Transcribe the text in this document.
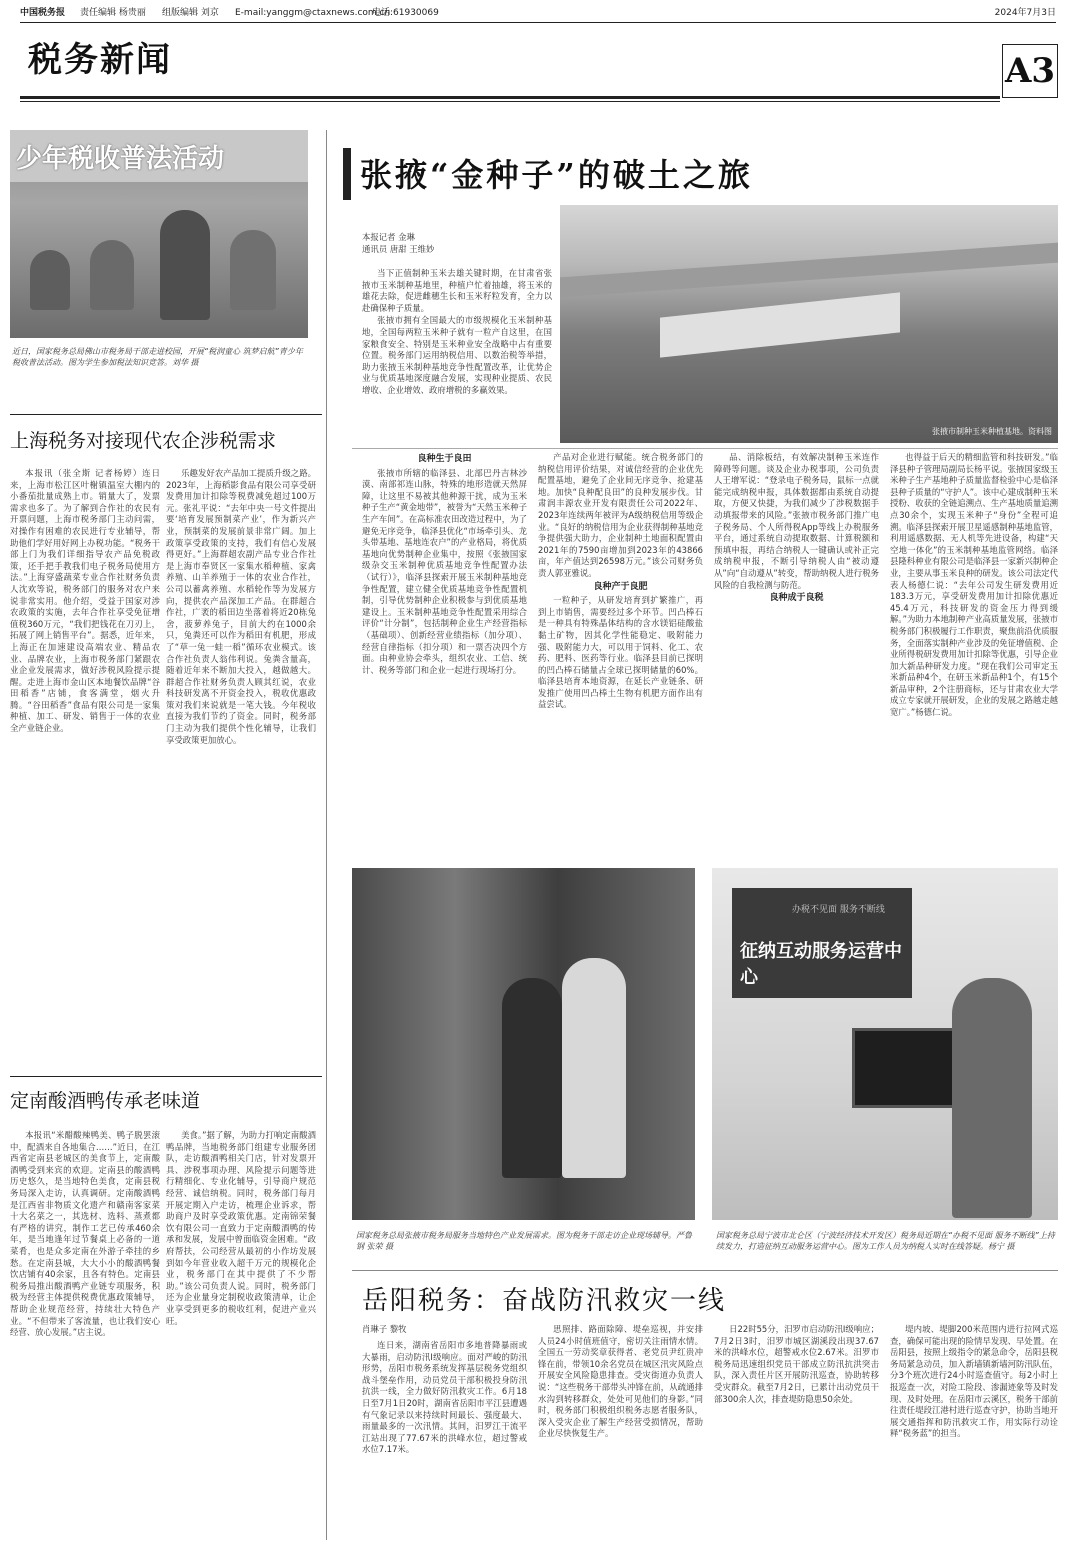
中国税务报 责任编辑 杨贵丽 组版编辑 刘京 E-mail:yanggm@ctaxnews.com.cn
电话:61930069	2024年7月3日
税务新闻	A3
少年税收普法活动
近日，国家税务总局佛山市税务局干部走进校园，开展“税润童心 筑梦启航”青少年税收普法活动。图为学生参加税法知识竞答。刘华 摄
张掖“金种子”的破土之旅
本报记者 金琳
通讯员 唐甜 王维妙
张掖市制种玉米种植基地。资料图

当下正值制种玉米去雄关键时期，在甘肃省张掖市玉米制种基地里，种植户忙着抽雄，将玉米的雄花去除，促进雌穗生长和玉米籽粒发育，全力以赴确保种子质量。

张掖市拥有全国最大的市级规模化玉米制种基地，全国每两粒玉米种子就有一粒产自这里，在国家粮食安全、特别是玉米种业安全战略中占有重要位置。税务部门运用纳税信用、以数治税等举措，助力张掖玉米制种基地竞争性配置改革，让优势企业与优质基地深度融合发展，实现种业提质、农民增收、企业增效、政府增税的多赢效果。

良种生于良田

张掖市所辖的临泽县、北部巴丹吉林沙漠、南部祁连山脉，特殊的地形造就天然屏障，让这里不易被其他种源干扰，成为玉米种子生产“黄金地带”，被誉为“天然玉米种子生产车间”。在高标准农田改造过程中，为了避免无序竞争，临泽县优化“市场牵引头、龙头带基地、基地连农户”的产业格局，将优质基地向优势制种企业集中，按照《张掖国家级杂交玉米制种优质基地竞争性配置办法（试行）》，临泽县探索开展玉米制种基地竞争性配置，建立健全优质基地竞争性配置机制，引导优势制种企业积极参与到优质基地建设上。玉米制种基地竞争性配置采用综合评价“计分制”，包括制种企业生产经营指标（基础项）、创新经营业绩指标（加分项）、经营自律指标（扣分项）和一票否决四个方面。由种业协会牵头，组织农业、工信、统计、税务等部门和企业一起进行现场打分。

产品对企业进行赋能。统合税务部门的纳税信用评价结果，对诚信经营的企业优先配置基地，避免了企业间无序竞争、抢建基地。加快“良种配良田”的良种发展步伐。甘肃润丰源农业开发有限责任公司2022年、2023年连续两年被评为A级纳税信用等级企业。“良好的纳税信用为企业获得制种基地竞争提供强大助力，企业制种土地面积配置由2021年的7590亩增加到2023年的43866亩，年产值达到26598万元。”该公司财务负责人郭亚雅说。

良种产于良肥

一粒种子，从研发培育到扩繁推广，再到上市销售，需要经过多个环节。凹凸棒石是一种具有特殊晶体结构的含水镁铝硅酸盐黏土矿物，因其化学性能稳定、吸附能力强、吸附能力大，可以用于饲料、化工、农药、肥料、医药等行业。临泽县目前已探明的凹凸棒石储量占全球已探明储量的60%。临泽县培育本地资源，在延长产业链条、研发推广使用凹凸棒土生物有机肥方面作出有益尝试。

品、消除板结，有效解决制种玉米连作障碍等问题。谈及企业办税事项，公司负责人王增军说：“登录电子税务局，鼠标一点就能完成纳税申报，具体数据都由系统自动提取，方便又快捷，为我们减少了涉税数据手动填报带来的风险。”张掖市税务部门推广电子税务局、个人所得税App等线上办税服务平台，通过系统自动提取数据、计算税额和预填申报，再结合纳税人一键确认或补正完成纳税申报，不断引导纳税人由“被动遵从”向“自动遵从”转变，帮助纳税人进行税务风险的自我检测与防范。

良种成于良税

也得益于后天的精细监管和科技研发。”临泽县种子管理局副局长杨平说。张掖国家级玉米种子生产基地种子质量监督检验中心是临泽县种子质量的“守护人”。该中心建成制种玉米授粉、收获的全链追溯点、生产基地质量追溯点30余个，实现玉米种子“身份”全程可追溯。临泽县探索开展卫星遥感制种基地监管，利用遥感数据、无人机等先进设备，构建“天空地一体化”的玉米制种基地监管网络。临泽县隆科种业有限公司是临泽县一家新兴制种企业，主要从事玉米良种的研发。该公司法定代表人杨德仁说：“去年公司发生研发费用近183.3万元，享受研发费用加计扣除优惠近45.4万元，科技研发的资金压力得到缓解。”为助力本地制种产业高质量发展，张掖市税务部门积极履行工作职责，聚焦前沿优质服务，全面落实制种产业涉及的免征增值税、企业所得税研发费用加计扣除等优惠，引导企业加大新品种研发力度。“现在我们公司审定玉米新品种4个，在研玉米新品种1个，有15个新品审种，2个注册商标，还与甘肃农业大学成立专家就开展研发，企业的发展之路越走越宽广。”杨德仁说。

上海税务对接现代农企涉税需求

本报讯（张全斯 记者杨婷）连日来，上海市松江区叶榭镇温室大棚内的小番茄批量成熟上市。销量大了，发票需求也多了。为了解到合作社的农民有开票问题，上海市税务部门主动问需，对操作有困难的农民进行专业辅导，帮助他们学好用好网上办税功能。“税务干部上门为我们详细指导农产品免税政策，还手把手教我们电子税务局使用方法。”上海穿盛蔬菜专业合作社财务负责人沈欢等说，税务部门的服务对农户来说非常实用。他介绍，受益于国家对涉农政策的实施，去年合作社享受免征增值税360万元，“我们把钱花在刀刃上，拓展了网上销售平台”。据悉，近年来，上海正在加速建设高端农业、精品农业、品牌农业，上海市税务部门紧跟农业企业发展需求，做好涉税风险提示提醒。走进上海市金山区本地餐饮品牌“谷田稻香”店铺，食客满堂，烟火升腾。“谷田稻香”食品有限公司是一家集种植、加工、研发、销售于一体的农业全产业链企业。

乐趣发好农产品加工提质升级之路。2023年，上海稻影食品有限公司享受研发费用加计扣除等税费减免超过100万元。张礼平说：“去年中央一号文件提出要‘培育发展预制菜产业’，作为新兴产业，预制菜的发展前景非常广阔。加上政策享受政策的支持，我们有信心发展得更好。”上海群超农副产品专业合作社是上海市奉贤区一家集水稻种植、家禽养殖、山羊养殖于一体的农业合作社，公司以蓄禽养殖、水稻轮作等为发展方向，提供农产品深加工产品。在群超合作社，广袤的稻田边坐落着将近20栋兔舍，菠萝养兔子，目前大约在1000余只，兔粪还可以作为稻田有机肥，形成了“草一兔一蛙一稻”循环农业模式。该合作社负责人翁伟利说。兔粪含量高，随着近年来不断加大投入，越做越大。群超合作社财务负责人顾其红说，农业科技研发离不开资金投入，税收优惠政策对我们来说就是一笔大钱。今年税收直接为我们节约了资金。同时，税务部门主动为我们提供个性化辅导，让我们享受政策更加放心。

定南酸酒鸭传承老味道

本报讯“米醋酸辣鸭美、鸭子脱罢滚中，配酒来自各地集合……”近日，在江西省定南县老城区的美食节上，定南酸酒鸭受到来宾的欢迎。定南县的酸酒鸭历史悠久，是当地特色美食，定南县税务局深入走访，认真调研。定南酸酒鸭是江西省非物质文化遗产和赣南客家菜十大名菜之一，其选材、选料、蒸煮都有严格的讲究，制作工艺已传承460余年，是当地逢年过节餐桌上必备的一道菜肴，也是众多定南在外游子牵挂的乡愁。在定南县城，大大小小的酸酒鸭餐饮店铺有40余家，且各有特色。定南县税务局推出酸酒鸭产业链专项服务，积极为经营主体提供税费优惠政策辅导，帮助企业规范经营，持续壮大特色产业。“不但带来了客流量，也让我们安心经营、放心发展。”店主说。

美食。”据了解，为助力打响定南酸酒鸭品牌，当地税务部门组建专业服务团队，走访酸酒鸭相关门店，针对发票开具、涉税事项办理、风险提示问题等进行精细化、专业化辅导，引导商户规范经营、诚信纳税。同时，税务部门每月开展定期入户走访，梳理企业诉求，帮助商户及时享受政策优惠。定南锦荣餐饮有限公司一直致力于定南酸酒鸭的传承和发展，发展中曾面临资金困难。“政府帮扶，公司经营从最初的小作坊发展到如今年营业收入超千万元的规模化企业，税务部门在其中提供了不少帮助。”该公司负责人说。同时，税务部门还为企业量身定制税收政策清单，让企业享受到更多的税收红利，促进产业兴旺。

国家税务总局张掖市税务局服务当地特色产业发展需求。图为税务干部走访企业现场辅导。严鲁钢 张荣 摄
办税不见面 服务不断线
征纳互动服务运营中心
国家税务总局宁波市北仑区（宁波经济技术开发区）税务局近期在“办税不见面 服务不断线”上持续发力，打造征纳互动服务运营中心。图为工作人员为纳税人实时在线答疑。杨宁 摄
岳阳税务：奋战防汛救灾一线
肖琳子 黎牧

连日来，湖南省岳阳市多地普降暴雨或大暴雨，启动防汛Ⅰ级响应。面对严峻的防汛形势，岳阳市税务系统发挥基层税务党组织战斗堡垒作用，动员党员干部积极投身防汛抗洪一线，全力做好防汛救灾工作。6月18日至7月1日20时，湖南省岳阳市平江县遭遇有气象记录以来持续时间最长、强度最大、雨量最多的一次汛情。其间，汨罗江干流平江站出现了77.67米的洪峰水位，超过警戒水位7.17米。

思照排、路面除障、堤垒巡视，并安排人员24小时值班值守，密切关注雨情水情。全国五一劳动奖章获得者、老党员尹红贵冲锋在前，带领10余名党员在城区汛灾风险点开展安全风险隐患排查。受灾街道办负责人说：“这些税务干部带头冲锋在前，从疏通排水沟到转移群众，处处可见他们的身影。”同时，税务部门积极组织税务志愿者服务队，深入受灾企业了解生产经营受损情况，帮助企业尽快恢复生产。

日22时55分，汨罗市启动防汛Ⅰ级响应；7月2日3时，汨罗市城区湖溪段出现37.67米的洪峰水位，超警戒水位2.67米。汨罗市税务局迅速组织党员干部成立防汛抗洪突击队，深入责任片区开展防汛巡查，协助转移受灾群众。截至7月2日，已累计出动党员干部300余人次，排查堤防隐患50余处。

堤内坡、堤脚200米范围内进行拉网式巡查，确保可能出现的险情早发现、早处置。在岳阳县，按照上级指令的紧急命令，岳阳县税务局紧急动员，加入新墙镇新墙河防汛队伍，分3个班次进行24小时巡查值守。每2小时上报巡查一次，对险工险段、渗漏迹象等及时发现、及时处理。在岳阳市云溪区，税务干部前往责任堤段江港村进行巡查守护，协助当地开展交通指挥和防汛救灾工作，用实际行动诠释“税务蓝”的担当。
